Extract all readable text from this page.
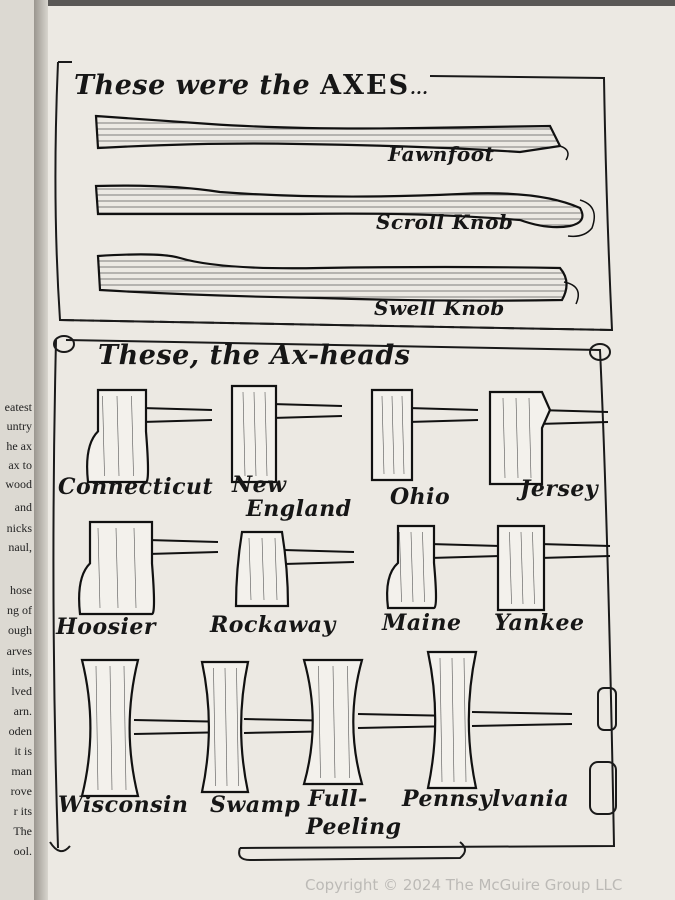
eatest
untry
he ax
ax to
wood
and
nicks
naul,
hose
ng of
ough
arves
ints,
lved
arn.
oden
it is
man
rove
r its
The
ool.
These were the AXES...
Fawnfoot
Scroll Knob
Swell Knob
These, the Ax-heads
Connecticut New
England Ohio	Jersey
Hoosier Rockaway Maine Yankee
Wisconsin Swamp Full-
Peeling
Pennsylvania
Copyright © 2024 The McGuire Group LLC
